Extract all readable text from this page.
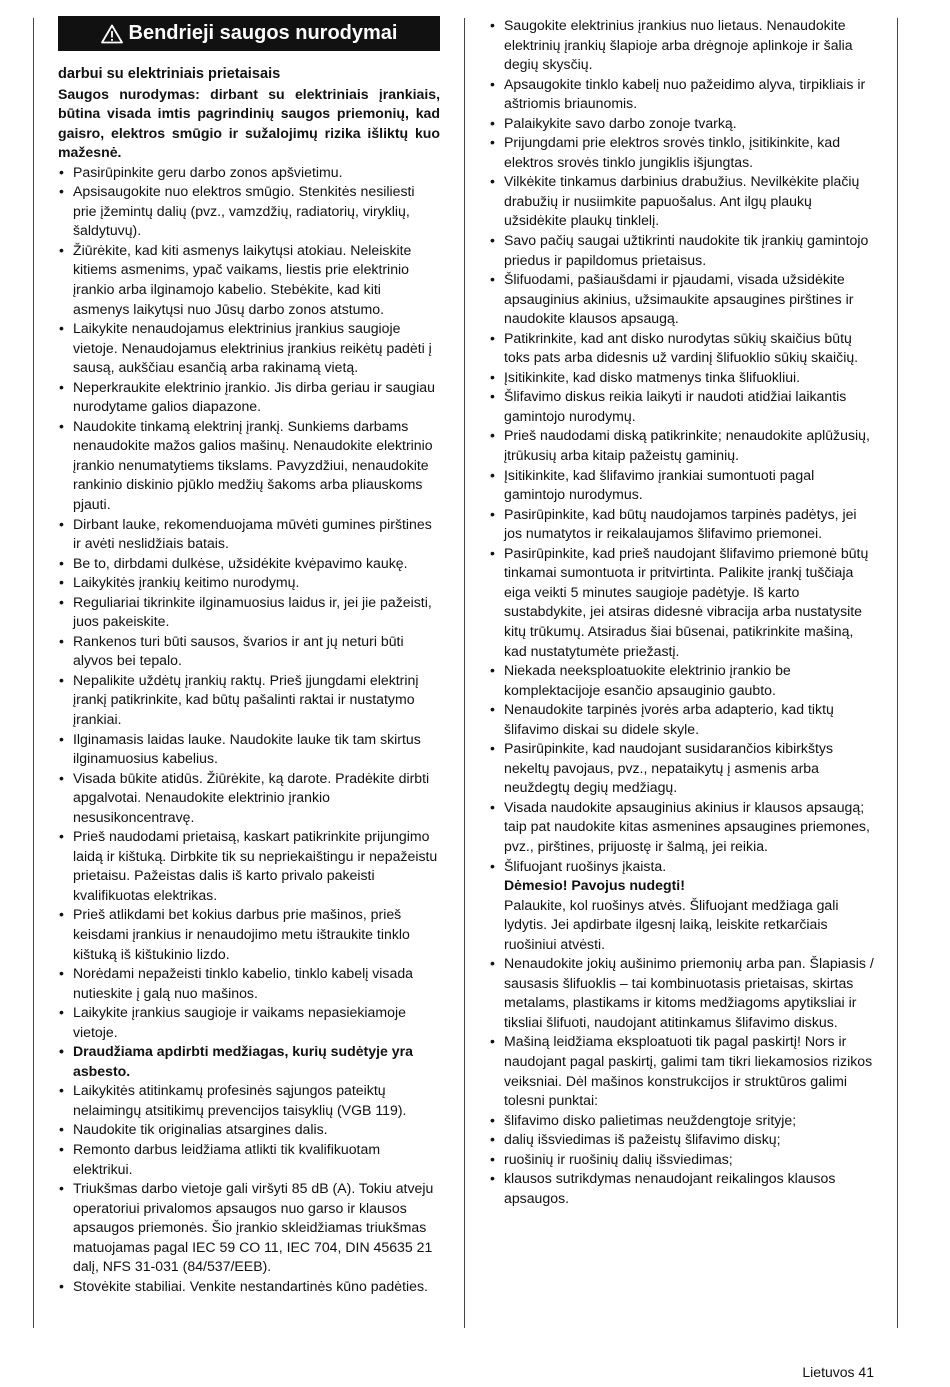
Bendrieji saugos nurodymai
darbui su elektriniais prietaisais
Saugos nurodymas: dirbant su elektriniais įrankiais, būtina visada imtis pagrindinių saugos priemonių, kad gaisro, elektros smūgio ir sužalojimų rizika išliktų kuo mažesnė.
• Pasirūpinkite geru darbo zonos apšvietimu.
• Apsisaugokite nuo elektros smūgio. Stenkitės nesiliesti prie įžemintų dalių (pvz., vamzdžių, radiatorių, viryklių, šaldytuvų).
• Žiūrėkite, kad kiti asmenys laikytųsi atokiau. Neleiskite kitiems asmenims, ypač vaikams, liestis prie elektrinio įrankio arba ilginamojo kabelio. Stebėkite, kad kiti asmenys laikytųsi nuo Jūsų darbo zonos atstumo.
• Laikykite nenaudojamus elektrinius įrankius saugioje vietoje. Nenaudojamus elektrinius įrankius reikėtų padėti į sausą, aukščiau esančią arba rakinamą vietą.
• Neperkraukite elektrinio įrankio. Jis dirba geriau ir saugiau nurodytame galios diapazone.
• Naudokite tinkamą elektrinį įrankį. Sunkiems darbams nenaudokite mažos galios mašinų. Nenaudokite elektrinio įrankio nenumatytiems tikslams. Pavyzdžiui, nenaudokite rankinio diskinio pjūklo medžių šakoms arba pliauskoms pjauti.
• Dirbant lauke, rekomenduojama mūvėti gumines pirštines ir avėti neslidžiais batais.
• Be to, dirbdami dulkėse, užsidėkite kvėpavimo kaukę.
• Laikykitės įrankių keitimo nurodymų.
• Reguliariai tikrinkite ilginamuosius laidus ir, jei jie pažeisti, juos pakeiskite.
• Rankenos turi būti sausos, švarios ir ant jų neturi būti alyvos bei tepalo.
• Nepalikite uždėtų įrankių raktų. Prieš įjungdami elektrinį įrankį patikrinkite, kad būtų pašalinti raktai ir nustatymo įrankiai.
• Ilginamasis laidas lauke. Naudokite lauke tik tam skirtus ilginamuosius kabelius.
• Visada būkite atidūs. Žiūrėkite, ką darote. Pradėkite dirbti apgalvotai. Nenaudokite elektrinio įrankio nesusikoncentravę.
• Prieš naudodami prietaisą, kaskart patikrinkite prijungimo laidą ir kištuką. Dirbkite tik su nepriekaištingu ir nepažeistu prietaisu. Pažeistas dalis iš karto privalo pakeisti kvalifikuotas elektrikas.
• Prieš atlikdami bet kokius darbus prie mašinos, prieš keisdami įrankius ir nenaudojimo metu ištraukite tinklo kištuką iš kištukinio lizdo.
• Norėdami nepažeisti tinklo kabelio, tinklo kabelį visada nutieskite į galą nuo mašinos.
• Laikykite įrankius saugioje ir vaikams nepasiekiamoje vietoje.
• Draudžiama apdirbti medžiagas, kurių sudėtyje yra asbesto.
• Laikykitės atitinkamų profesinės sąjungos pateiktų nelaimingų atsitikimų prevencijos taisyklių (VGB 119).
• Naudokite tik originalias atsargines dalis.
• Remonto darbus leidžiama atlikti tik kvalifikuotam elektrikui.
• Triukšmas darbo vietoje gali viršyti 85 dB (A). Tokiu atveju operatoriui privalomos apsaugos nuo garso ir klausos apsaugos priemonės. Šio įrankio skleidžiamas triukšmas matuojamas pagal IEC 59 CO 11, IEC 704, DIN 45635 21 dalį, NFS 31-031 (84/537/EEB).
• Stovėkite stabiliai. Venkite nestandartinės kūno padėties.
• Saugokite elektrinius įrankius nuo lietaus. Nenaudokite elektrinių įrankių šlapioje arba drėgnoje aplinkoje ir šalia degių skysčių.
• Apsaugokite tinklo kabelį nuo pažeidimo alyva, tirpikliais ir aštriomis briaunomis.
• Palaikykite savo darbo zonoje tvarką.
• Prijungdami prie elektros srovės tinklo, įsitikinkite, kad elektros srovės tinklo jungiklis išjungtas.
• Vilkėkite tinkamus darbinius drabužius. Nevilkėkite plačių drabužių ir nusiimkite papuošalus. Ant ilgų plaukų užsidėkite plaukų tinklelį.
• Savo pačių saugai užtikrinti naudokite tik įrankių gamintojo priedus ir papildomus prietaisus.
• Šlifuodami, pašiaušdami ir pjaudami, visada užsidėkite apsauginius akinius, užsimaukite apsaugines pirštines ir naudokite klausos apsaugą.
• Patikrinkite, kad ant disko nurodytas sūkių skaičius būtų toks pats arba didesnis už vardinį šlifuoklio sūkių skaičių.
• Įsitikinkite, kad disko matmenys tinka šlifuokliui.
• Šlifavimo diskus reikia laikyti ir naudoti atidžiai laikantis gamintojo nurodymų.
• Prieš naudodami diską patikrinkite; nenaudokite aplūžusių, įtrūkusių arba kitaip pažeistų gaminių.
• Įsitikinkite, kad šlifavimo įrankiai sumontuoti pagal gamintojo nurodymus.
• Pasirūpinkite, kad būtų naudojamos tarpinės padėtys, jei jos numatytos ir reikalaujamos šlifavimo priemonei.
• Pasirūpinkite, kad prieš naudojant šlifavimo priemonė būtų tinkamai sumontuota ir pritvirtinta. Palikite įrankį tuščiaja eiga veikti 5 minutes saugioje padėtyje. Iš karto sustabdykite, jei atsiras didesnė vibracija arba nustatysite kitų trūkumų. Atsiradus šiai būsenai, patikrinkite mašiną, kad nustatytumėte priežastį.
• Niekada neeksploatuokite elektrinio įrankio be komplektacijoje esančio apsauginio gaubto.
• Nenaudokite tarpinės įvorės arba adapterio, kad tiktų šlifavimo diskai su didele skyle.
• Pasirūpinkite, kad naudojant susidarančios kibirkštys nekeltų pavojaus, pvz., nepataikytų į asmenis arba neuždegtų degių medžiagų.
• Visada naudokite apsauginius akinius ir klausos apsaugą; taip pat naudokite kitas asmenines apsaugines priemones, pvz., pirštines, prijuostę ir šalmą, jei reikia.
• Šlifuojant ruošinys įkaista.
Dėmesio! Pavojus nudegti!
Palaukite, kol ruošinys atvės. Šlifuojant medžiaga gali lydytis. Jei apdirbate ilgesnį laiką, leiskite retkarčiais ruošiniui atvėsti.
• Nenaudokite jokių aušinimo priemonių arba pan. Šlapiasis / sausasis šlifuoklis – tai kombinuotasis prietaisas, skirtas metalams, plastikams ir kitoms medžiagoms apytiksliai ir tiksliai šlifuoti, naudojant atitinkamus šlifavimo diskus.
• Mašiną leidžiama eksploatuoti tik pagal paskirtį! Nors ir naudojant pagal paskirtį, galimi tam tikri liekamosios rizikos veiksniai. Dėl mašinos konstrukcijos ir struktūros galimi tolesni punktai:
• šlifavimo disko palietimas neuždengtoje srityje;
• dalių išsviedimas iš pažeistų šlifavimo diskų;
• ruošinių ir ruošinių dalių išsviedimas;
• klausos sutrikdymas nenaudojant reikalingos klausos apsaugos.
Lietuvos 41
